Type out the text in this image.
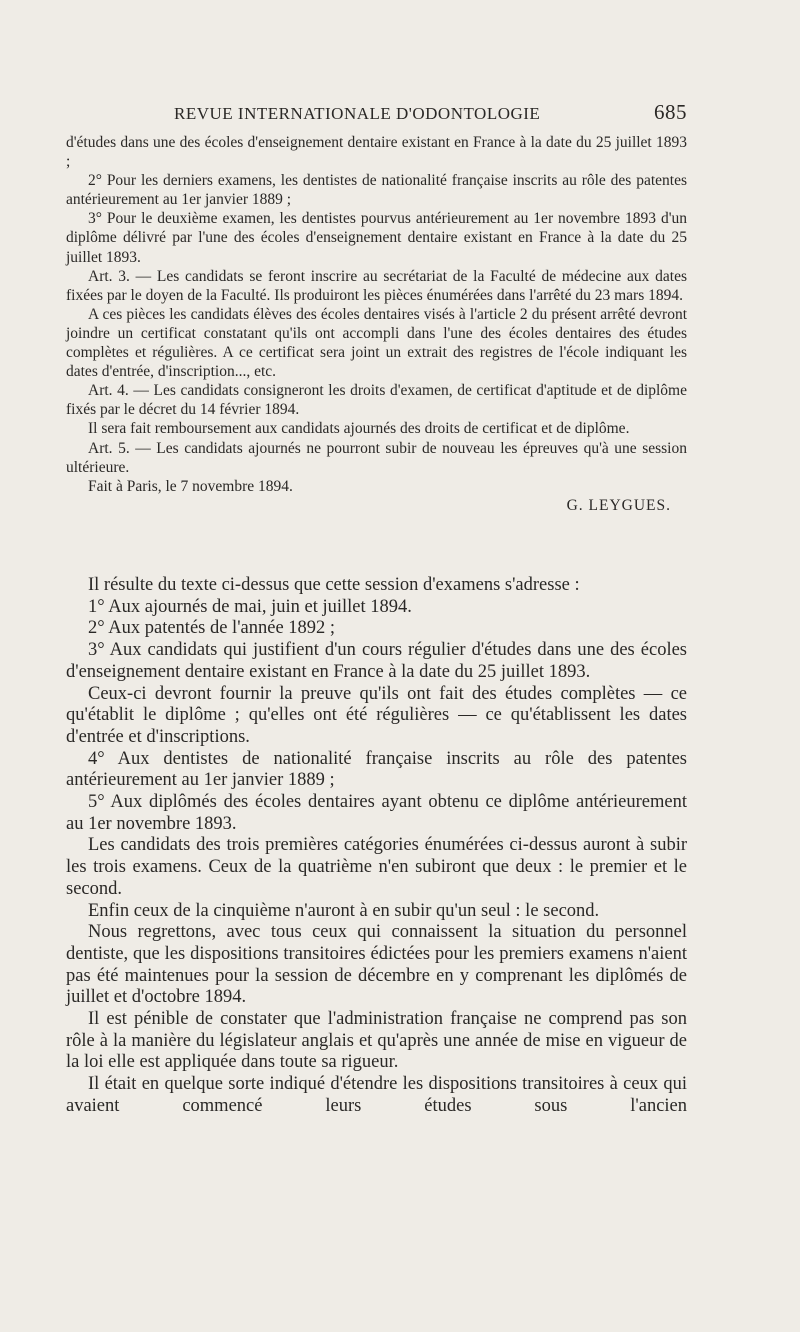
REVUE INTERNATIONALE D'ODONTOLOGIE	685

d'études dans une des écoles d'enseignement dentaire existant en France à la date du 25 juillet 1893 ;

2° Pour les derniers examens, les dentistes de nationalité française inscrits au rôle des patentes antérieurement au 1er janvier 1889 ;

3° Pour le deuxième examen, les dentistes pourvus antérieurement au 1er novembre 1893 d'un diplôme délivré par l'une des écoles d'enseignement dentaire existant en France à la date du 25 juillet 1893.

Art. 3. — Les candidats se feront inscrire au secrétariat de la Faculté de médecine aux dates fixées par le doyen de la Faculté. Ils produiront les pièces énumérées dans l'arrêté du 23 mars 1894.

A ces pièces les candidats élèves des écoles dentaires visés à l'article 2 du présent arrêté devront joindre un certificat constatant qu'ils ont accompli dans l'une des écoles dentaires des études complètes et régulières. A ce certificat sera joint un extrait des registres de l'école indiquant les dates d'entrée, d'inscription..., etc.

Art. 4. — Les candidats consigneront les droits d'examen, de certificat d'aptitude et de diplôme fixés par le décret du 14 février 1894.

Il sera fait remboursement aux candidats ajournés des droits de certificat et de diplôme.

Art. 5. — Les candidats ajournés ne pourront subir de nouveau les épreuves qu'à une session ultérieure.

Fait à Paris, le 7 novembre 1894.

G. LEYGUES.

Il résulte du texte ci-dessus que cette session d'examens s'adresse :

1° Aux ajournés de mai, juin et juillet 1894.

2° Aux patentés de l'année 1892 ;

3° Aux candidats qui justifient d'un cours régulier d'études dans une des écoles d'enseignement dentaire existant en France à la date du 25 juillet 1893.

Ceux-ci devront fournir la preuve qu'ils ont fait des études complètes — ce qu'établit le diplôme ; qu'elles ont été régulières — ce qu'établissent les dates d'entrée et d'inscriptions.

4° Aux dentistes de nationalité française inscrits au rôle des patentes antérieurement au 1er janvier 1889 ;

5° Aux diplômés des écoles dentaires ayant obtenu ce diplôme antérieurement au 1er novembre 1893.

Les candidats des trois premières catégories énumérées ci-dessus auront à subir les trois examens. Ceux de la quatrième n'en subiront que deux : le premier et le second.

Enfin ceux de la cinquième n'auront à en subir qu'un seul : le second.

Nous regrettons, avec tous ceux qui connaissent la situation du personnel dentiste, que les dispositions transitoires édictées pour les premiers examens n'aient pas été maintenues pour la session de décembre en y comprenant les diplômés de juillet et d'octobre 1894.

Il est pénible de constater que l'administration française ne comprend pas son rôle à la manière du législateur anglais et qu'après une année de mise en vigueur de la loi elle est appliquée dans toute sa rigueur.

Il était en quelque sorte indiqué d'étendre les dispositions transitoires à ceux qui avaient commencé leurs études sous l'ancien
